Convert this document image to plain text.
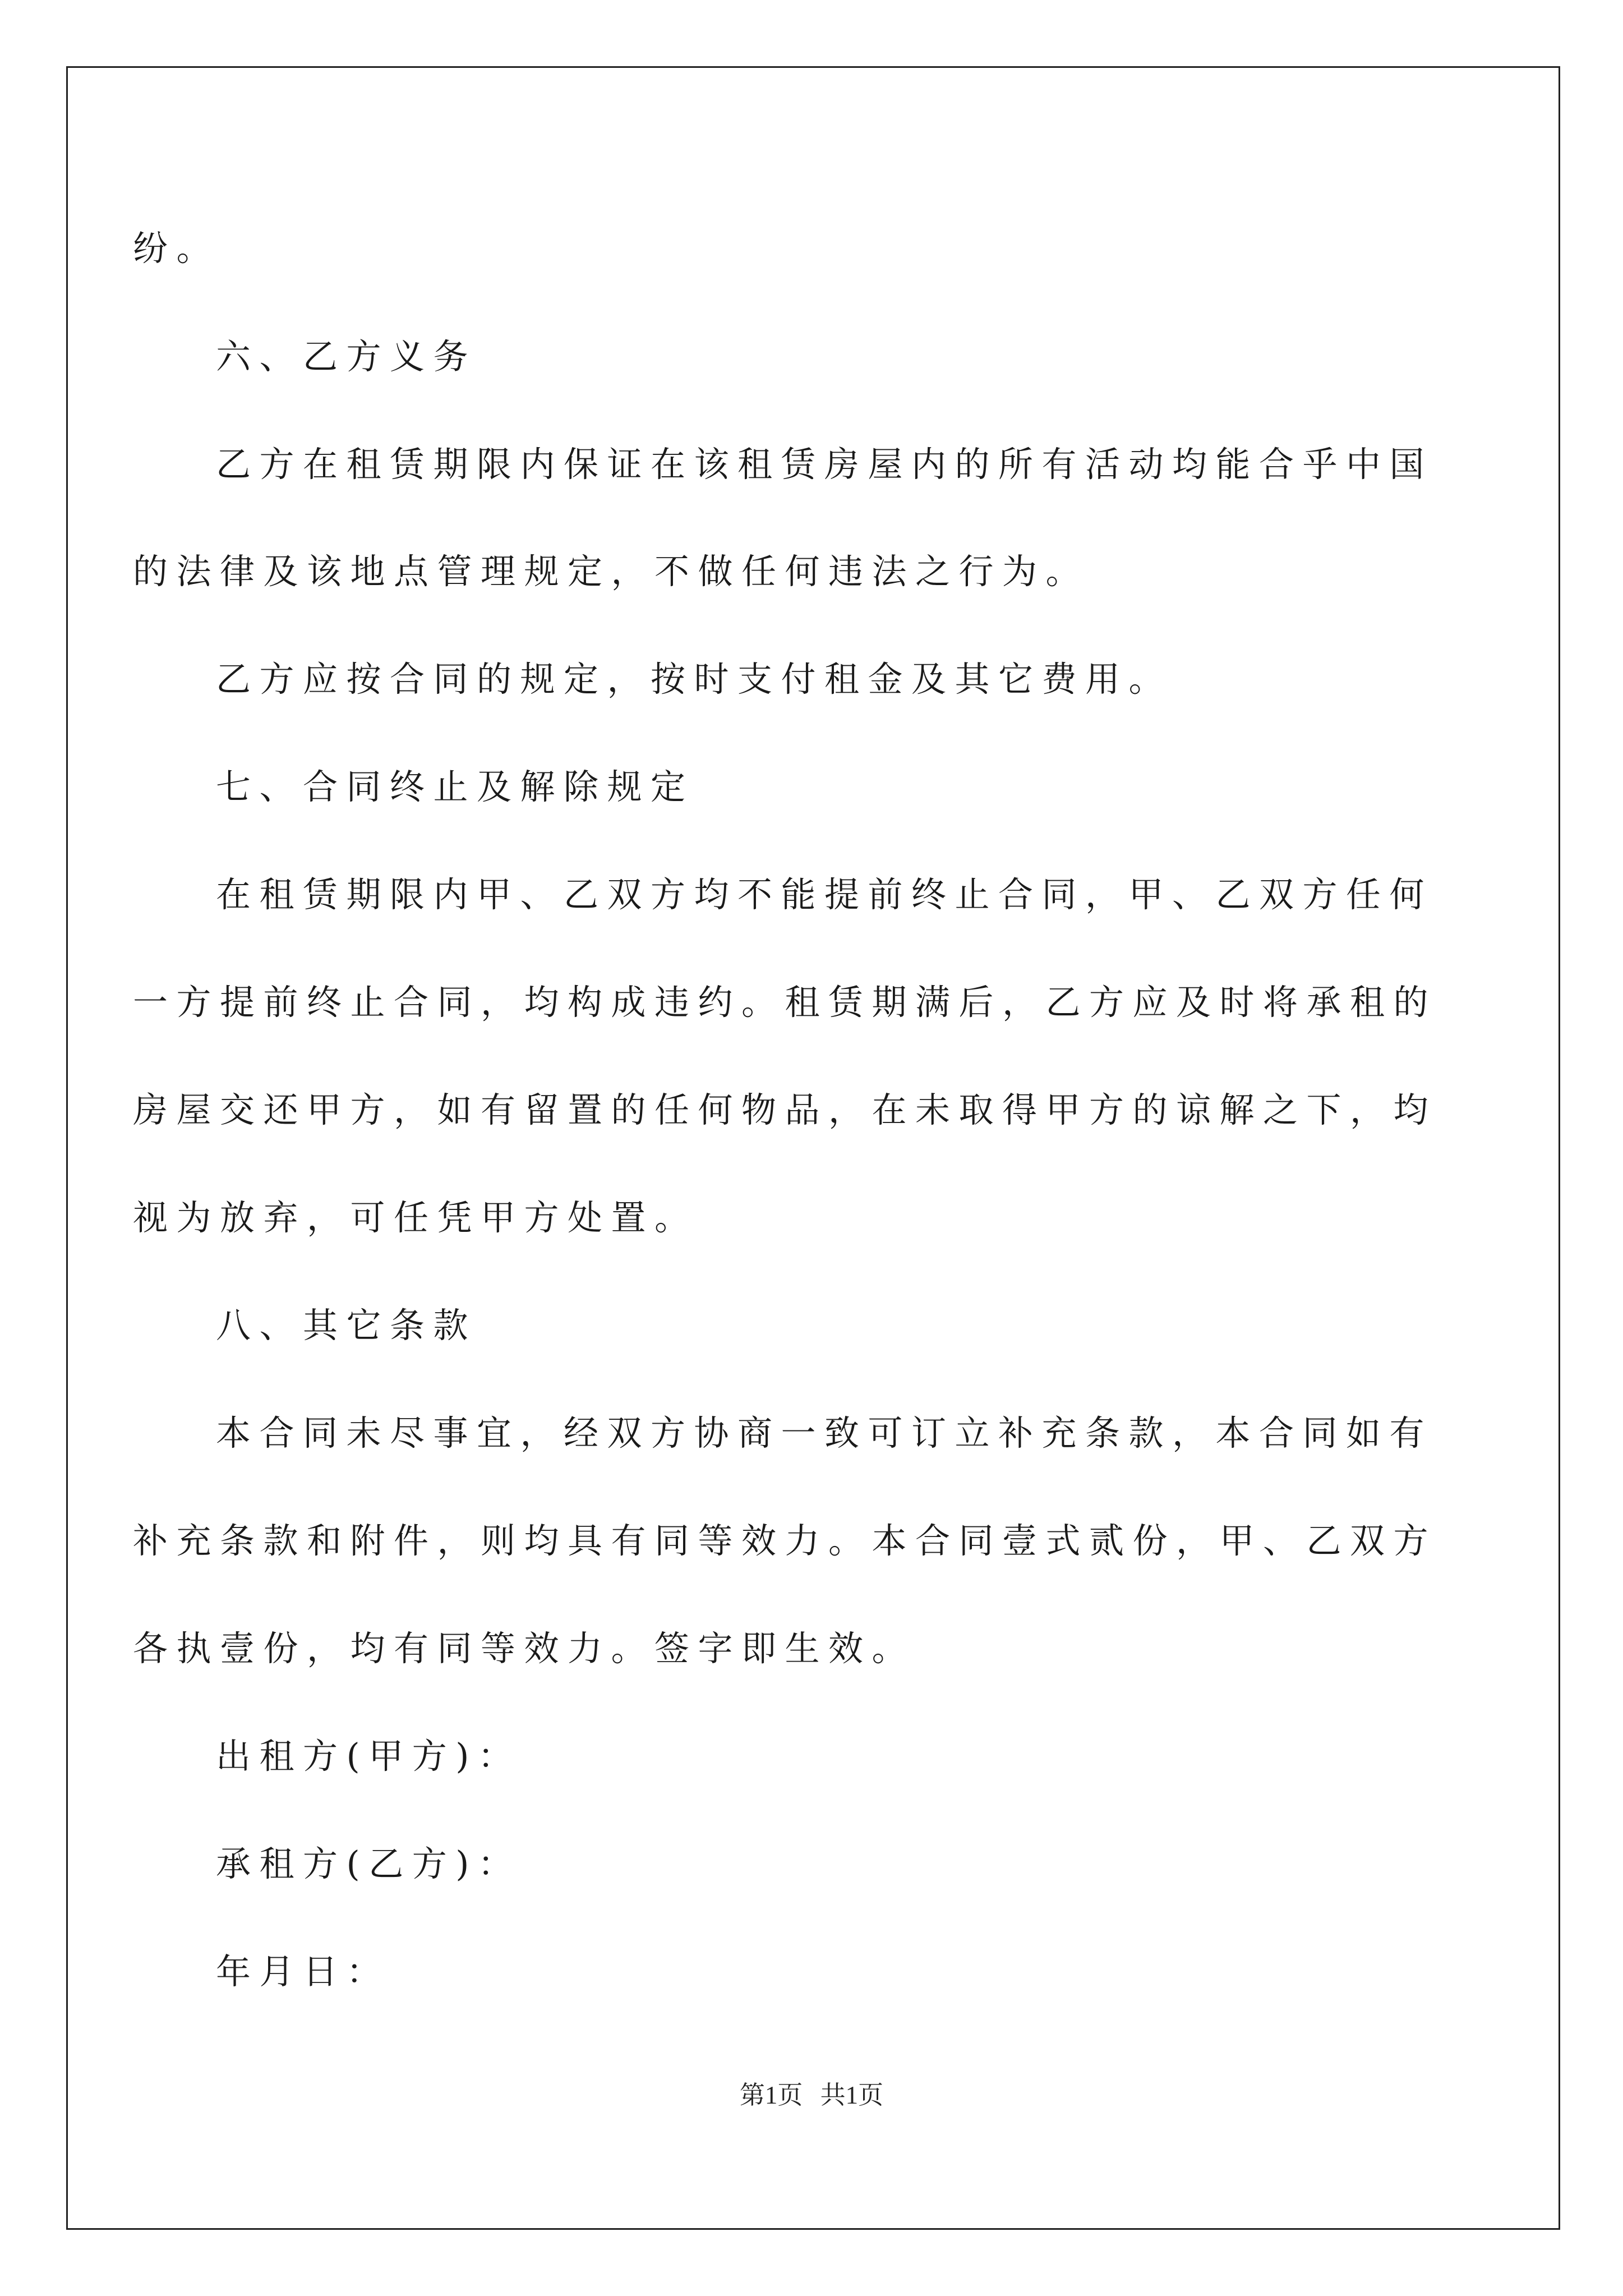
纷。
六、乙方义务
乙方在租赁期限内保证在该租赁房屋内的所有活动均能合乎中国
的法律及该地点管理规定，不做任何违法之行为。
乙方应按合同的规定，按时支付租金及其它费用。
七、合同终止及解除规定
在租赁期限内甲、乙双方均不能提前终止合同，甲、乙双方任何
一方提前终止合同，均构成违约。租赁期满后，乙方应及时将承租的
房屋交还甲方，如有留置的任何物品，在未取得甲方的谅解之下，均
视为放弃，可任凭甲方处置。
八、其它条款
本合同未尽事宜，经双方协商一致可订立补充条款，本合同如有
补充条款和附件，则均具有同等效力。本合同壹式贰份，甲、乙双方
各执壹份，均有同等效力。签字即生效。
出租方(甲方)：
承租方(乙方)：
年月日：
第1页 共1页
